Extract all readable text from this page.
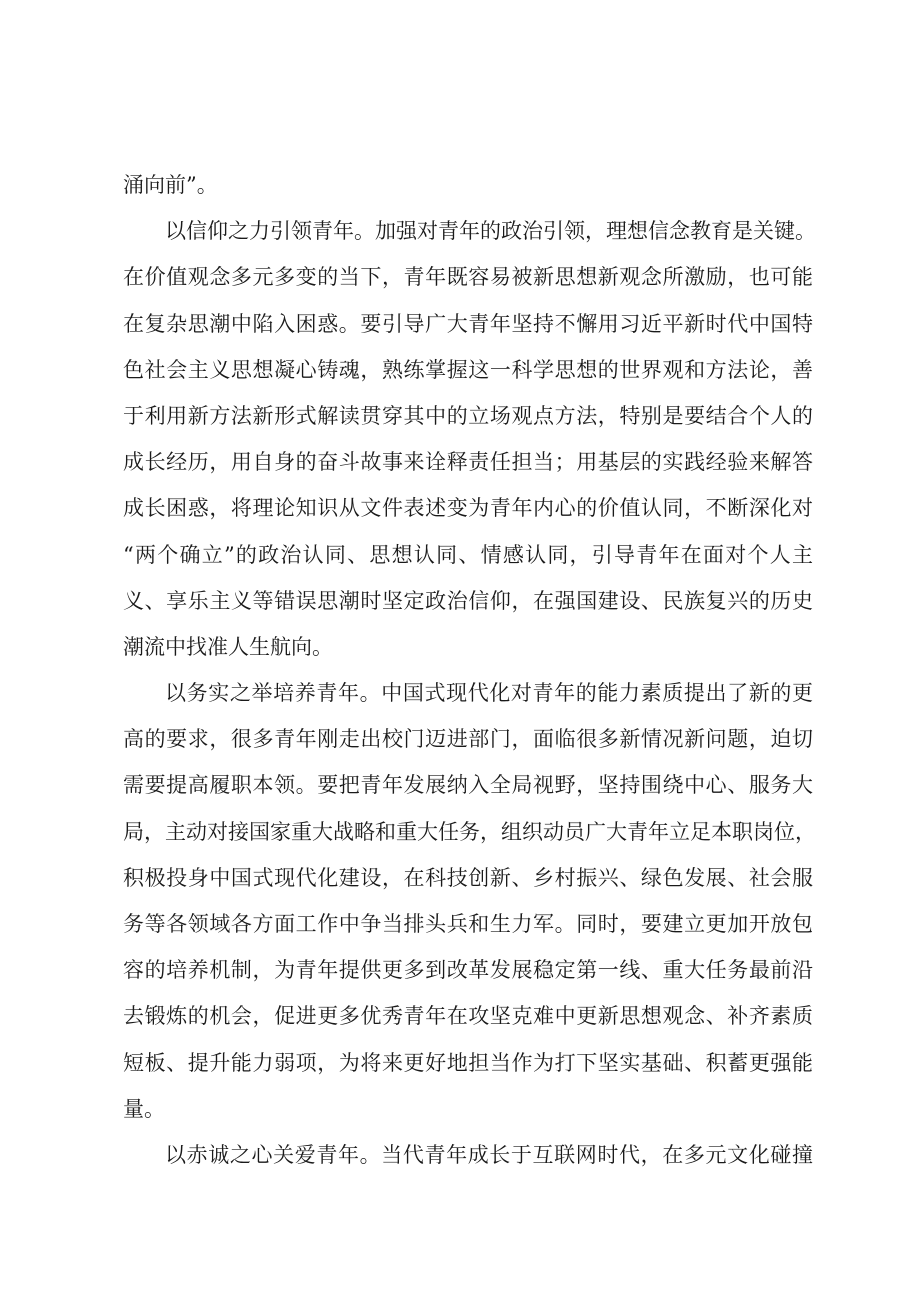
涌向前”。
以信仰之力引领青年。加强对青年的政治引领，理想信念教育是关键。
在价值观念多元多变的当下，青年既容易被新思想新观念所激励，也可能
在复杂思潮中陷入困惑。要引导广大青年坚持不懈用习近平新时代中国特
色社会主义思想凝心铸魂，熟练掌握这一科学思想的世界观和方法论，善
于利用新方法新形式解读贯穿其中的立场观点方法，特别是要结合个人的
成长经历，用自身的奋斗故事来诠释责任担当；用基层的实践经验来解答
成长困惑，将理论知识从文件表述变为青年内心的价值认同，不断深化对
“两个确立”的政治认同、思想认同、情感认同，引导青年在面对个人主
义、享乐主义等错误思潮时坚定政治信仰，在强国建设、民族复兴的历史
潮流中找准人生航向。
以务实之举培养青年。中国式现代化对青年的能力素质提出了新的更
高的要求，很多青年刚走出校门迈进部门，面临很多新情况新问题，迫切
需要提高履职本领。要把青年发展纳入全局视野，坚持围绕中心、服务大
局，主动对接国家重大战略和重大任务，组织动员广大青年立足本职岗位，
积极投身中国式现代化建设，在科技创新、乡村振兴、绿色发展、社会服
务等各领域各方面工作中争当排头兵和生力军。同时，要建立更加开放包
容的培养机制，为青年提供更多到改革发展稳定第一线、重大任务最前沿
去锻炼的机会，促进更多优秀青年在攻坚克难中更新思想观念、补齐素质
短板、提升能力弱项，为将来更好地担当作为打下坚实基础、积蓄更强能
量。
以赤诚之心关爱青年。当代青年成长于互联网时代，在多元文化碰撞
